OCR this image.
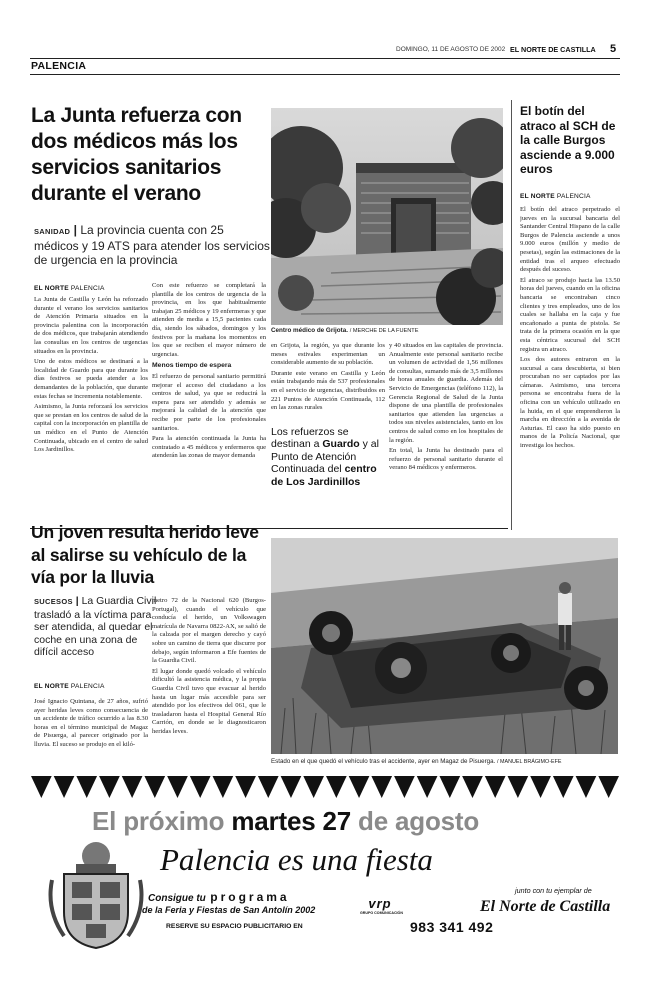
DOMINGO, 11 DE AGOSTO DE 2002 EL NORTE DE CASTILLA 5
PALENCIA
La Junta refuerza con dos médicos más los servicios sanitarios durante el verano
SANIDAD | La provincia cuenta con 25 médicos y 19 ATS para atender los servicios de urgencia en la provincia
EL NORTE PALENCIA

La Junta de Castilla y León ha reforzado durante el verano los servicios sanitarios de Atención Primaria situados en la provincia palentina con la incorporación de dos médicos, que trabajarán atendiendo las consultas en los centros de urgencias situados en la provincia.

Uno de estos médicos se destinará a la localidad de Guardo para que durante los días festivos se pueda atender a los demandantes de la población, que durante estas fechas se incrementa notablemente.

Asimismo, la Junta reforzará los servicios que se prestan en los centros de salud de la capital con la incorporación en plantilla de un médico en el Punto de Atención Continuada, ubicado en el centro de salud Los Jardinillos.

Con este refuerzo se completará la plantilla de los centros de urgencia de la provincia, en los que habitualmente trabajan 25 médicos y 19 enfermeras y que atienden de media a 15,5 pacientes cada día, siendo los sábados, domingos y los festivos por la mañana los momentos en los que se reciben el mayor número de urgencias.

Menos tiempo de espera

El refuerzo de personal sanitario permitirá mejorar el acceso del ciudadano a los centros de salud, ya que se reducirá la espera para ser atendido y además se mejorará la calidad de la atención que recibe por parte de los profesionales sanitarios.

Para la atención continuada la Junta ha contratado a 45 médicos y enfermeros que atenderán las zonas de mayor demanda

Centro médico de Grijota. / MERCHE DE LA FUENTE

en Grijota, la región, ya que durante los meses estivales experimentan un considerable aumento de su población.

Durante este verano en Castilla y León están trabajando más de 537 profesionales en el servicio de urgencias, distribuidos en 221 Puntos de Atención Continuada, 112 en las zonas rurales

Los refuerzos se destinan a Guardo y al Punto de Atención Continuada del centro de Los Jardinillos

y 40 situados en las capitales de provincia. Anualmente este personal sanitario recibe un volumen de actividad de 1,56 millones de consultas, sumando más de 3,5 millones de horas anuales de guardia. Además del Servicio de Emergencias (teléfono 112), la Gerencia Regional de Salud de la Junta dispone de una plantilla de profesionales sanitarios que atienden las urgencias a todos sus niveles asistenciales, tanto en los centros de salud como en los hospitales de la región.

En total, la Junta ha destinado para el refuerzo de personal sanitario durante el verano 84 médicos y enfermeros.

El botín del atraco al SCH de la calle Burgos asciende a 9.000 euros
EL NORTE PALENCIA

El botín del atraco perpetrado el jueves en la sucursal bancaria del Santander Central Hispano de la calle Burgos de Palencia asciende a unos 9.000 euros (millón y medio de pesetas), según las estimaciones de la entidad tras el arqueo efectuado después del suceso.

El atraco se produjo hacia las 13.50 horas del jueves, cuando en la oficina bancaria se encontraban cinco clientes y tres empleados, uno de los cuales se hallaba en la caja y fue encañonado a punta de pistola. Se trata de la primera ocasión en la que esta céntrica sucursal del SCH registra un atraco.

Los dos autores entraron en la sucursal a cara descubierta, si bien procuraban no ser captados por las cámaras. Asimismo, una tercera persona se encontraba fuera de la oficina con un vehículo utilizado en la huida, en el que emprendieron la marcha en dirección a la avenida de Asturias. El caso ha sido puesto en manos de la Policía Nacional, que investiga los hechos.

Un joven resulta herido leve al salirse su vehículo de la vía por la lluvia
SUCESOS | La Guardia Civil trasladó a la víctima para ser atendida, al quedar el coche en una zona de difícil acceso
EL NORTE PALENCIA

José Ignacio Quintana, de 27 años, sufrió ayer heridas leves como consecuencia de un accidente de tráfico ocurrido a las 8.30 horas en el término municipal de Magaz de Pisuerga, al parecer originado por la lluvia. El suceso se produjo en el kiló-

metro 72 de la Nacional 620 (Burgos-Portugal), cuando el vehículo que conducía el herido, un Volkswagen matrícula de Navarra 0822-AX, se salió de la calzada por el margen derecho y cayó sobre un camino de tierra que discurre por debajo, según informaron a Efe fuentes de la Guardia Civil.

El lugar donde quedó volcado el vehículo dificultó la asistencia médica, y la propia Guardia Civil tuvo que evacuar al herido hasta un lugar más accesible para ser atendido por los efectivos del 061, que le trasladaron hasta el Hospital General Río Carrión, en donde se le diagnosticaron heridas leves.

Estado en el que quedó el vehículo tras el accidente, ayer en Magaz de Pisuerga. / MANUEL BRÁGIMO-EFE
El próximo martes 27 de agosto
Palencia es una fiesta
Consigue tu programa
de la Feria y Fiestas de San Antolín 2002
RESERVE SU ESPACIO PUBLICITARIO EN
vrp
GRUPO COMUNICACIÓN
983 341 492
junto con tu ejemplar de
El Norte de Castilla
